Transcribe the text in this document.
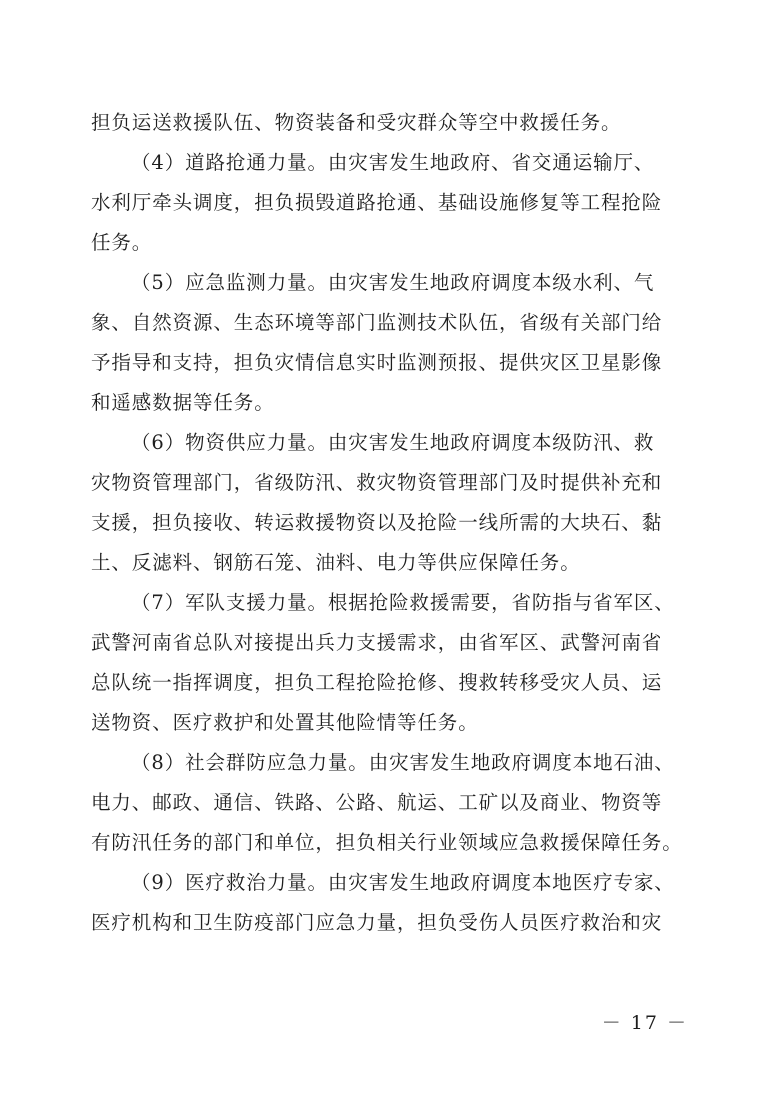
担负运送救援队伍、物资装备和受灾群众等空中救援任务。

（4）道路抢通力量。由灾害发生地政府、省交通运输厅、
水利厅牵头调度，担负损毁道路抢通、基础设施修复等工程抢险
任务。

（5）应急监测力量。由灾害发生地政府调度本级水利、气
象、自然资源、生态环境等部门监测技术队伍，省级有关部门给
予指导和支持，担负灾情信息实时监测预报、提供灾区卫星影像
和遥感数据等任务。

（6）物资供应力量。由灾害发生地政府调度本级防汛、救
灾物资管理部门，省级防汛、救灾物资管理部门及时提供补充和
支援，担负接收、转运救援物资以及抢险一线所需的大块石、黏
土、反滤料、钢筋石笼、油料、电力等供应保障任务。

（7）军队支援力量。根据抢险救援需要，省防指与省军区、
武警河南省总队对接提出兵力支援需求，由省军区、武警河南省
总队统一指挥调度，担负工程抢险抢修、搜救转移受灾人员、运
送物资、医疗救护和处置其他险情等任务。

（8）社会群防应急力量。由灾害发生地政府调度本地石油、
电力、邮政、通信、铁路、公路、航运、工矿以及商业、物资等
有防汛任务的部门和单位，担负相关行业领域应急救援保障任务。

（9）医疗救治力量。由灾害发生地政府调度本地医疗专家、
医疗机构和卫生防疫部门应急力量，担负受伤人员医疗救治和灾

－ 17 －
